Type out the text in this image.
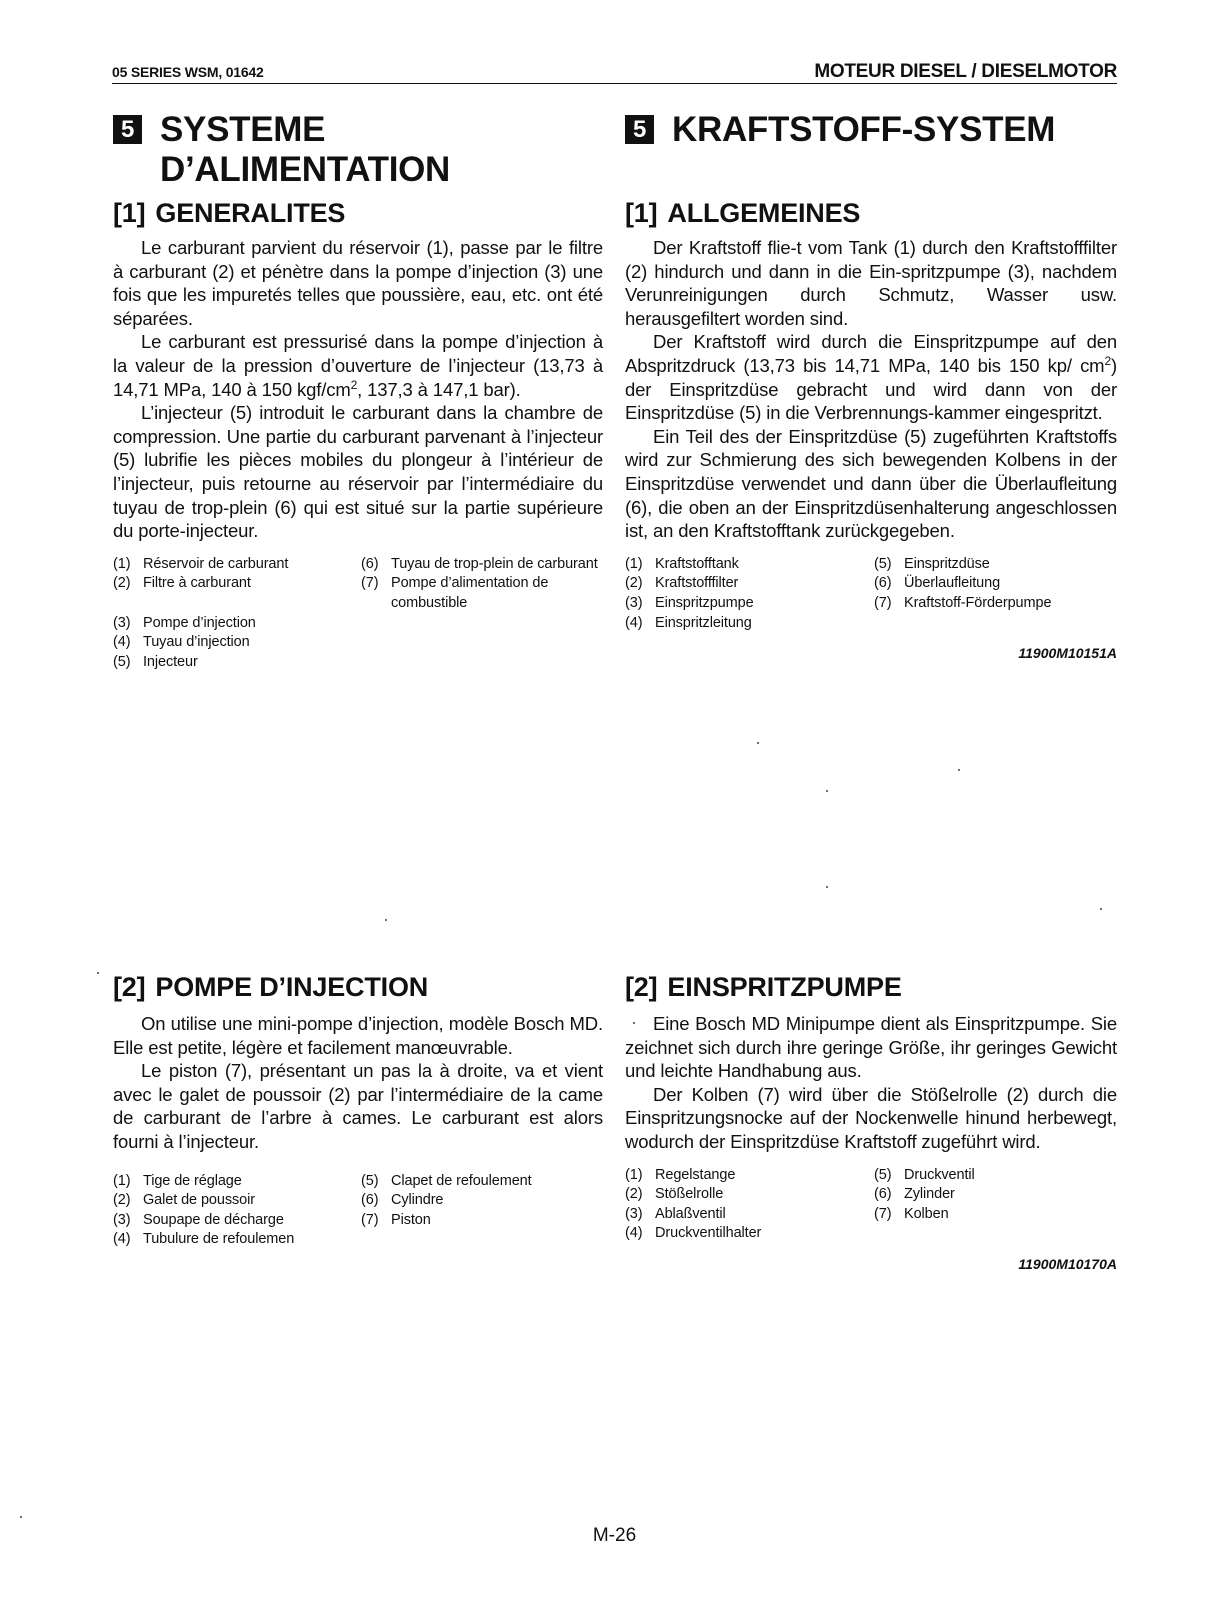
05 SERIES WSM, 01642	MOTEUR DIESEL / DIESELMOTOR
5 SYSTEME
D’ALIMENTATION
[1] GENERALITES

Le carburant parvient du réservoir (1), passe par le filtre à carburant (2) et pénètre dans la pompe d’injection (3) une fois que les impuretés telles que poussière, eau, etc. ont été séparées.

Le carburant est pressurisé dans la pompe d’injection à la valeur de la pression d’ouverture de l’injecteur (13,73 à 14,71 MPa, 140 à 150 kgf/$cm^2$, 137,3 à 147,1 bar).

L’injecteur (5) introduit le carburant dans la chambre de compression. Une partie du carburant parvenant à l’injecteur (5) lubrifie les pièces mobiles du plongeur à l’intérieur de l’injecteur, puis retourne au réservoir par l’intermédiaire du tuyau de trop-plein (6) qui est situé sur la partie supérieure du porte-injecteur.

(1) Réservoir de carburant	(6) Tuyau de trop-plein de carburant
(2) Filtre à carburant	(7) Pompe d’alimentation de combustible
(3) Pompe d’injection
(4) Tuyau d’injection
(5) Injecteur
5 KRAFTSTOFF-SYSTEM
[1] ALLGEMEINES

Der Kraftstoff flie-t vom Tank (1) durch den Kraftstofffilter (2) hindurch und dann in die Ein-spritzpumpe (3), nachdem Verunreinigungen durch Schmutz, Wasser usw. herausgefiltert worden sind.

Der Kraftstoff wird durch die Einspritzpumpe auf den Abspritzdruck (13,73 bis 14,71 MPa, 140 bis 150 kp/ $cm^2$) der Einspritzdüse gebracht und wird dann von der Einspritzdüse (5) in die Verbrennungs-kammer eingespritzt.

Ein Teil des der Einspritzdüse (5) zugeführten Kraftstoffs wird zur Schmierung des sich bewegenden Kolbens in der Einspritzdüse verwendet und dann über die Überlaufleitung (6), die oben an der Einspritzdüsenhalterung angeschlossen ist, an den Kraftstofftank zurückgegeben.

(1) Kraftstofftank	(5) Einspritzdüse
(2) Kraftstofffilter	(6) Überlaufleitung
(3) Einspritzpumpe	(7) Kraftstoff-Förderpumpe
(4) Einspritzleitung
11900M10151A
[2] POMPE D’INJECTION

On utilise une mini-pompe d’injection, modèle Bosch MD. Elle est petite, légère et facilement manœuvrable.

Le piston (7), présentant un pas la à droite, va et vient avec le galet de poussoir (2) par l’intermédiaire de la came de carburant de l’arbre à cames. Le carburant est alors fourni à l’injecteur.

(1) Tige de réglage	(5) Clapet de refoulement
(2) Galet de poussoir	(6) Cylindre
(3) Soupape de décharge	(7) Piston
(4) Tubulure de refoulemen
[2] EINSPRITZPUMPE

Eine Bosch MD Minipumpe dient als Einspritzpumpe. Sie zeichnet sich durch ihre geringe Größe, ihr geringes Gewicht und leichte Handhabung aus.

Der Kolben (7) wird über die Stößelrolle (2) durch die Einspritzungsnocke auf der Nockenwelle hinund herbewegt, wodurch der Einspritzdüse Kraftstoff zugeführt wird.

(1) Regelstange	(5) Druckventil
(2) Stößelrolle	(6) Zylinder
(3) Ablaßventil	(7) Kolben
(4) Druckventilhalter
11900M10170A
M-26
